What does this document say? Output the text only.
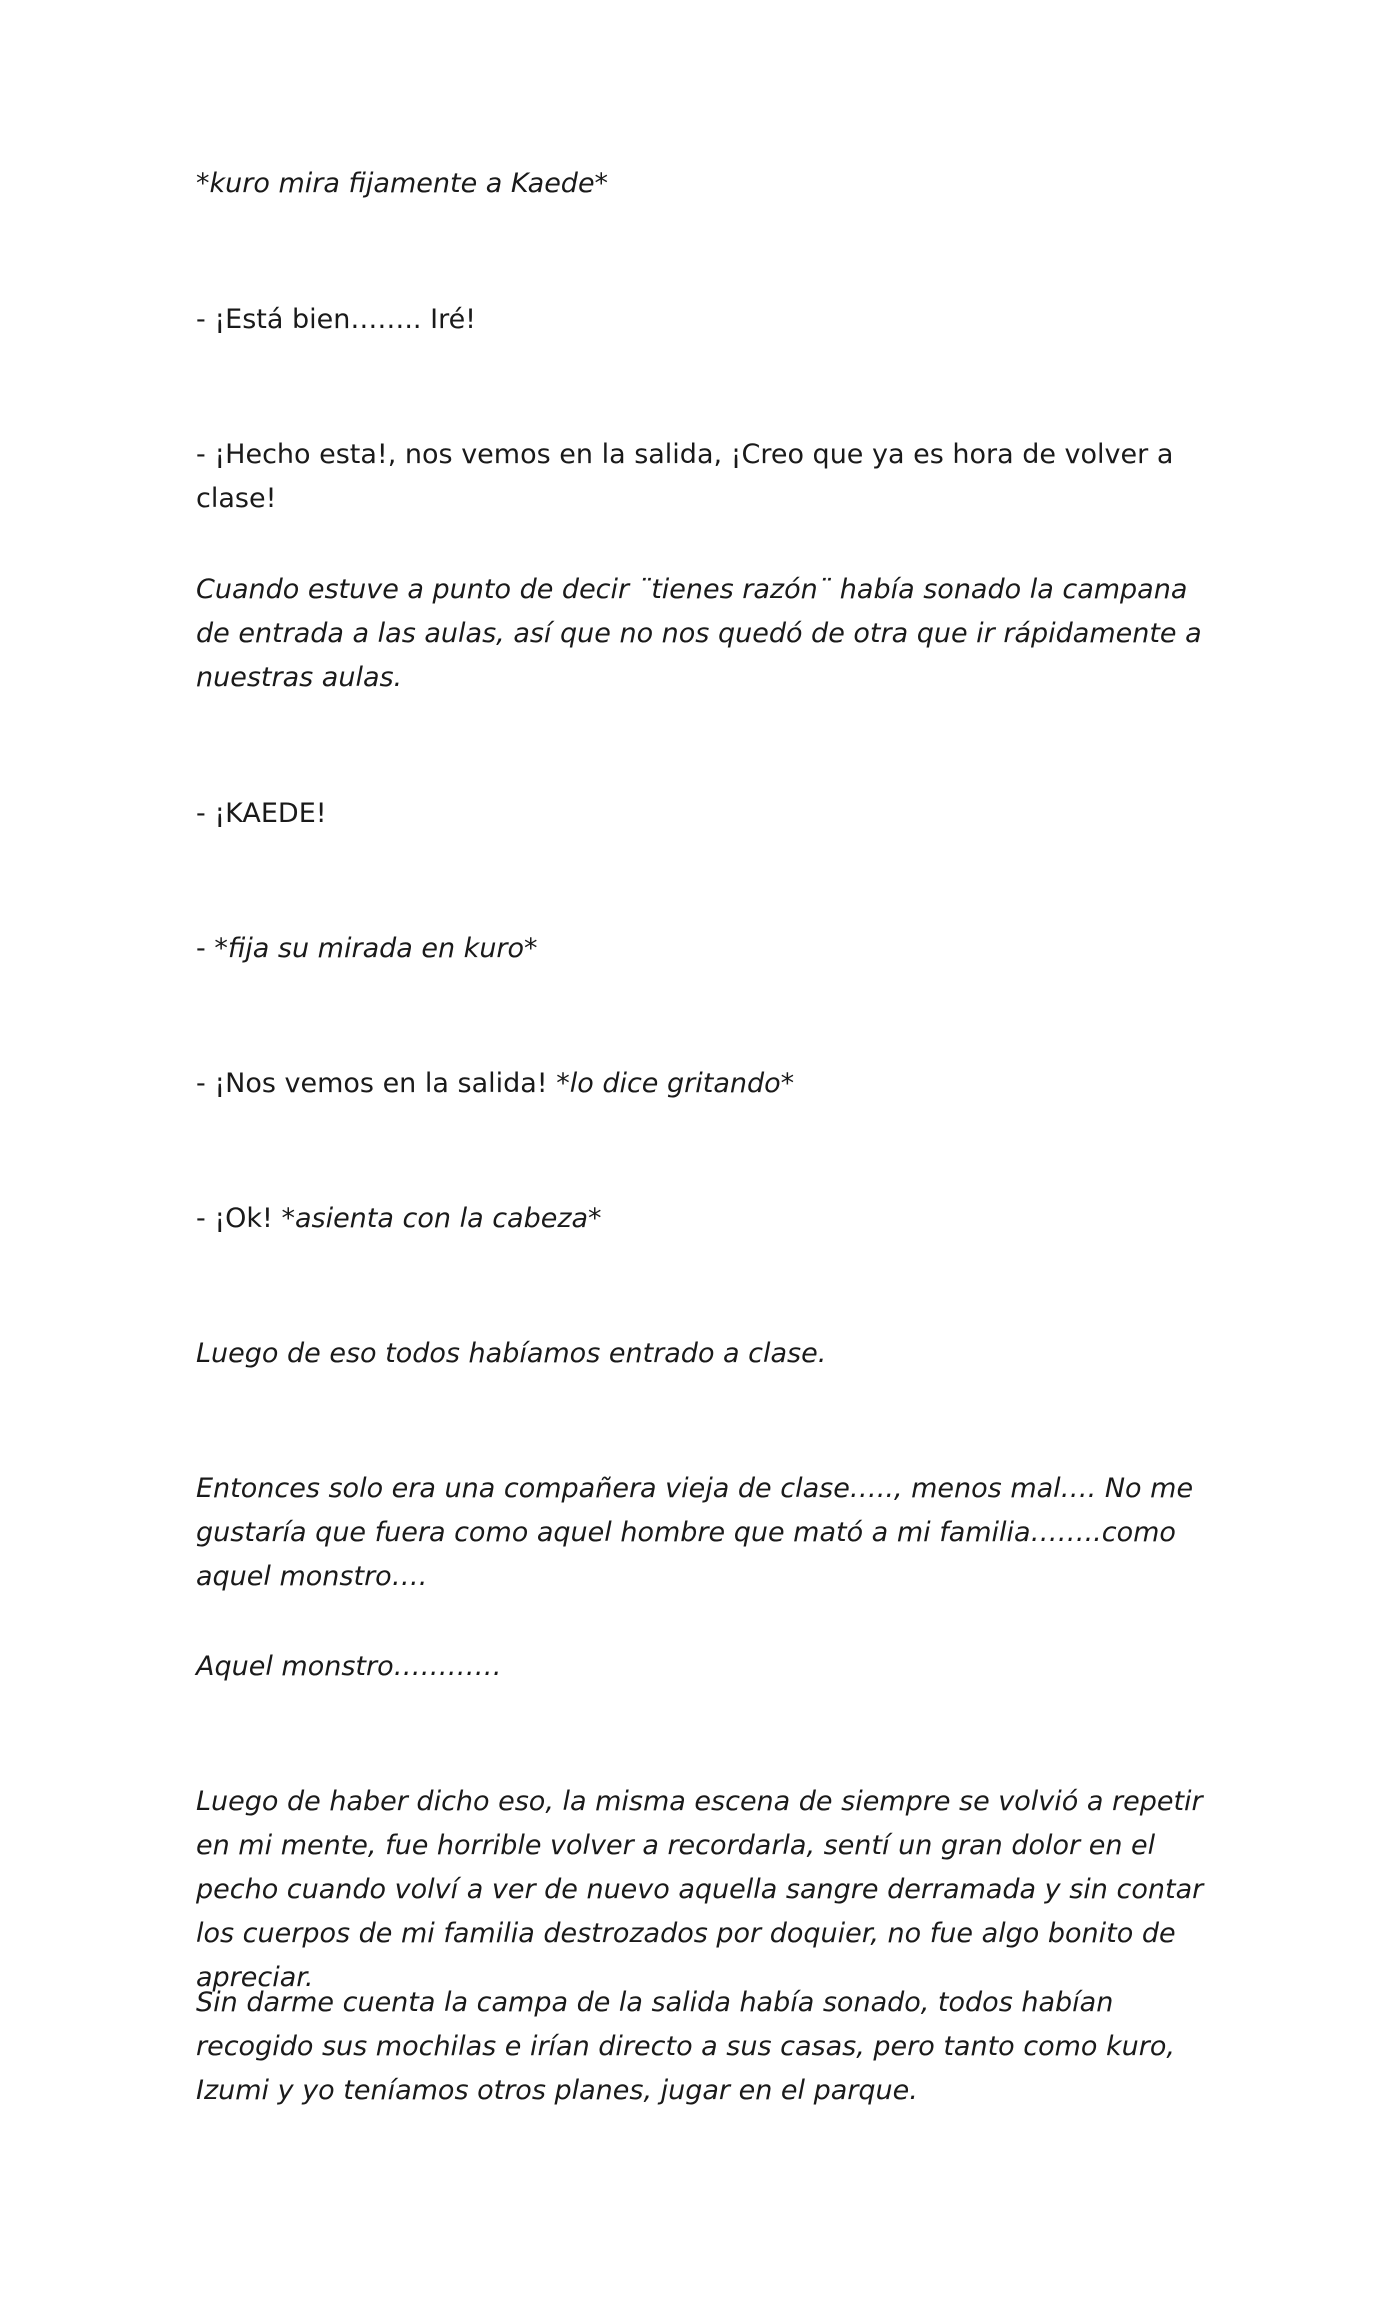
*kuro mira fijamente a Kaede*

- ¡Está bien…….. Iré!

- ¡Hecho esta!, nos vemos en la salida, ¡Creo que ya es hora de volver a clase!

Cuando estuve a punto de decir ¨tienes razón¨ había sonado la campana de entrada a las aulas, así que no nos quedó de otra que ir rápidamente a nuestras aulas.

- ¡KAEDE!

- *fija su mirada en kuro*

- ¡Nos vemos en la salida! *lo dice gritando*

- ¡Ok! *asienta con la cabeza*

Luego de eso todos habíamos entrado a clase.

Entonces solo era una compañera vieja de clase….., menos mal…. No me gustaría que fuera como aquel hombre que mató a mi familia……..como aquel monstro….

Aquel monstro…………

Luego de haber dicho eso, la misma escena de siempre se volvió a repetir en mi mente, fue horrible volver a recordarla, sentí un gran dolor en el pecho cuando volví a ver de nuevo aquella sangre derramada y sin contar los cuerpos de mi familia destrozados por doquier, no fue algo bonito de apreciar.

Sin darme cuenta la campa de la salida había sonado, todos habían recogido sus mochilas e irían directo a sus casas, pero tanto como kuro, Izumi y yo teníamos otros planes, jugar en el parque.
